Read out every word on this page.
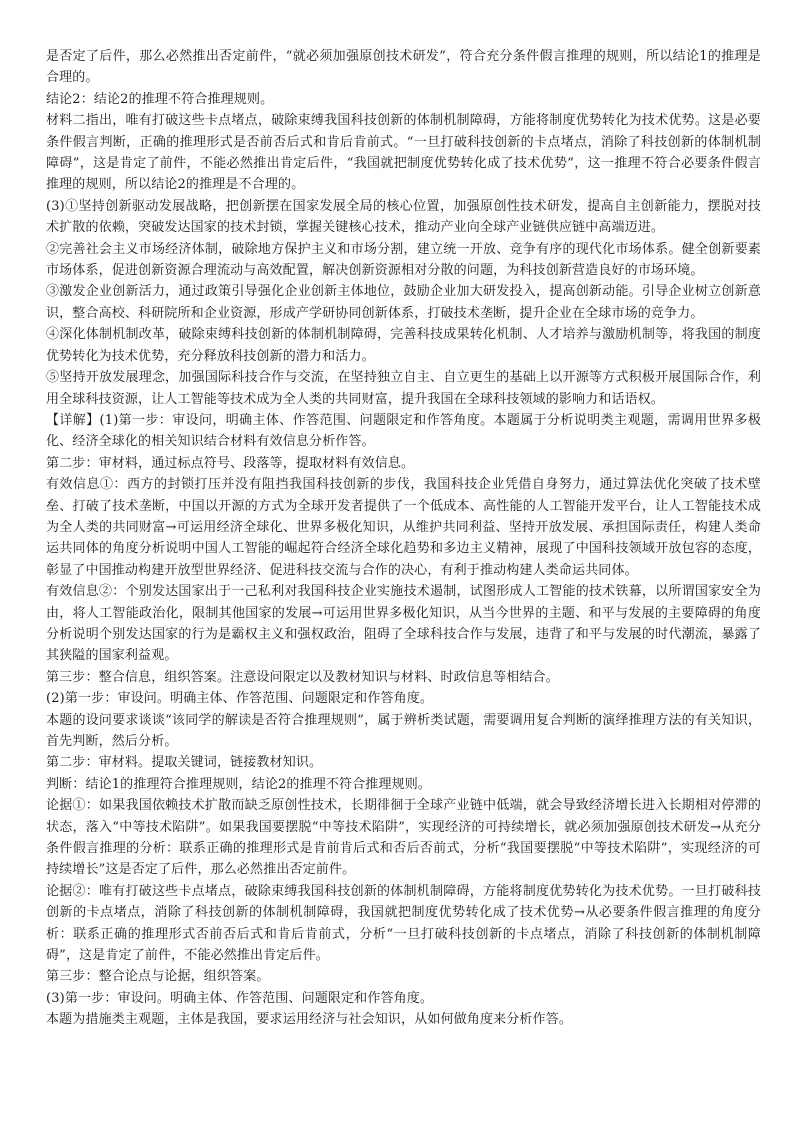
是否定了后件，那么必然推出否定前件，“就必须加强原创技术研发”，符合充分条件假言推理的规则，所以结论1的推理是合理的。

结论2：结论2的推理不符合推理规则。

材料二指出，唯有打破这些卡点堵点，破除束缚我国科技创新的体制机制障碍，方能将制度优势转化为技术优势。这是必要条件假言判断，正确的推理形式是否前否后式和肯后肯前式。“一旦打破科技创新的卡点堵点，消除了科技创新的体制机制障碍”，这是肯定了前件，不能必然推出肯定后件，“我国就把制度优势转化成了技术优势”，这一推理不符合必要条件假言推理的规则，所以结论2的推理是不合理的。

(3)①坚持创新驱动发展战略，把创新摆在国家发展全局的核心位置，加强原创性技术研发，提高自主创新能力，摆脱对技术扩散的依赖，突破发达国家的技术封锁，掌握关键核心技术，推动产业向全球产业链供应链中高端迈进。

②完善社会主义市场经济体制，破除地方保护主义和市场分割，建立统一开放、竞争有序的现代化市场体系。健全创新要素市场体系，促进创新资源合理流动与高效配置，解决创新资源相对分散的问题，为科技创新营造良好的市场环境。

③激发企业创新活力，通过政策引导强化企业创新主体地位，鼓励企业加大研发投入，提高创新动能。引导企业树立创新意识，整合高校、科研院所和企业资源，形成产学研协同创新体系，打破技术垄断，提升企业在全球市场的竞争力。

④深化体制机制改革，破除束缚科技创新的体制机制障碍，完善科技成果转化机制、人才培养与激励机制等，将我国的制度优势转化为技术优势，充分释放科技创新的潜力和活力。

⑤坚持开放发展理念，加强国际科技合作与交流，在坚持独立自主、自立更生的基础上以开源等方式积极开展国际合作，利用全球科技资源，让人工智能等技术成为全人类的共同财富，提升我国在全球科技领域的影响力和话语权。

【详解】(1)第一步：审设问，明确主体、作答范围、问题限定和作答角度。本题属于分析说明类主观题，需调用世界多极化、经济全球化的相关知识结合材料有效信息分析作答。

第二步：审材料，通过标点符号、段落等，提取材料有效信息。

有效信息①：西方的封锁打压并没有阻挡我国科技创新的步伐，我国科技企业凭借自身努力，通过算法优化突破了技术壁垒、打破了技术垄断，中国以开源的方式为全球开发者提供了一个低成本、高性能的人工智能开发平台，让人工智能技术成为全人类的共同财富→可运用经济全球化、世界多极化知识，从维护共同利益、坚持开放发展、承担国际责任，构建人类命运共同体的角度分析说明中国人工智能的崛起符合经济全球化趋势和多边主义精神，展现了中国科技领域开放包容的态度，彰显了中国推动构建开放型世界经济、促进科技交流与合作的决心，有利于推动构建人类命运共同体。

有效信息②：个别发达国家出于一己私利对我国科技企业实施技术遏制，试图形成人工智能的技术铁幕，以所谓国家安全为由，将人工智能政治化，限制其他国家的发展→可运用世界多极化知识，从当今世界的主题、和平与发展的主要障碍的角度分析说明个别发达国家的行为是霸权主义和强权政治，阻碍了全球科技合作与发展，违背了和平与发展的时代潮流，暴露了其狭隘的国家利益观。

第三步：整合信息，组织答案。注意设问限定以及教材知识与材料、时政信息等相结合。

(2)第一步：审设问。明确主体、作答范围、问题限定和作答角度。

本题的设问要求谈谈“该同学的解读是否符合推理规则”，属于辨析类试题，需要调用复合判断的演绎推理方法的有关知识，首先判断，然后分析。

第二步：审材料。提取关键词，链接教材知识。

判断：结论1的推理符合推理规则，结论2的推理不符合推理规则。

论据①：如果我国依赖技术扩散而缺乏原创性技术，长期徘徊于全球产业链中低端，就会导致经济增长进入长期相对停滞的状态，落入“中等技术陷阱”。如果我国要摆脱“中等技术陷阱”，实现经济的可持续增长，就必须加强原创技术研发→从充分条件假言推理的分析：联系正确的推理形式是肯前肯后式和否后否前式，分析“我国要摆脱“中等技术陷阱”，实现经济的可持续增长”这是否定了后件，那么必然推出否定前件。

论据②：唯有打破这些卡点堵点，破除束缚我国科技创新的体制机制障碍，方能将制度优势转化为技术优势。一旦打破科技创新的卡点堵点，消除了科技创新的体制机制障碍，我国就把制度优势转化成了技术优势→从必要条件假言推理的角度分析：联系正确的推理形式否前否后式和肯后肯前式，分析“一旦打破科技创新的卡点堵点，消除了科技创新的体制机制障碍”，这是肯定了前件，不能必然推出肯定后件。

第三步：整合论点与论据，组织答案。

(3)第一步：审设问。明确主体、作答范围、问题限定和作答角度。

本题为措施类主观题，主体是我国，要求运用经济与社会知识，从如何做角度来分析作答。
